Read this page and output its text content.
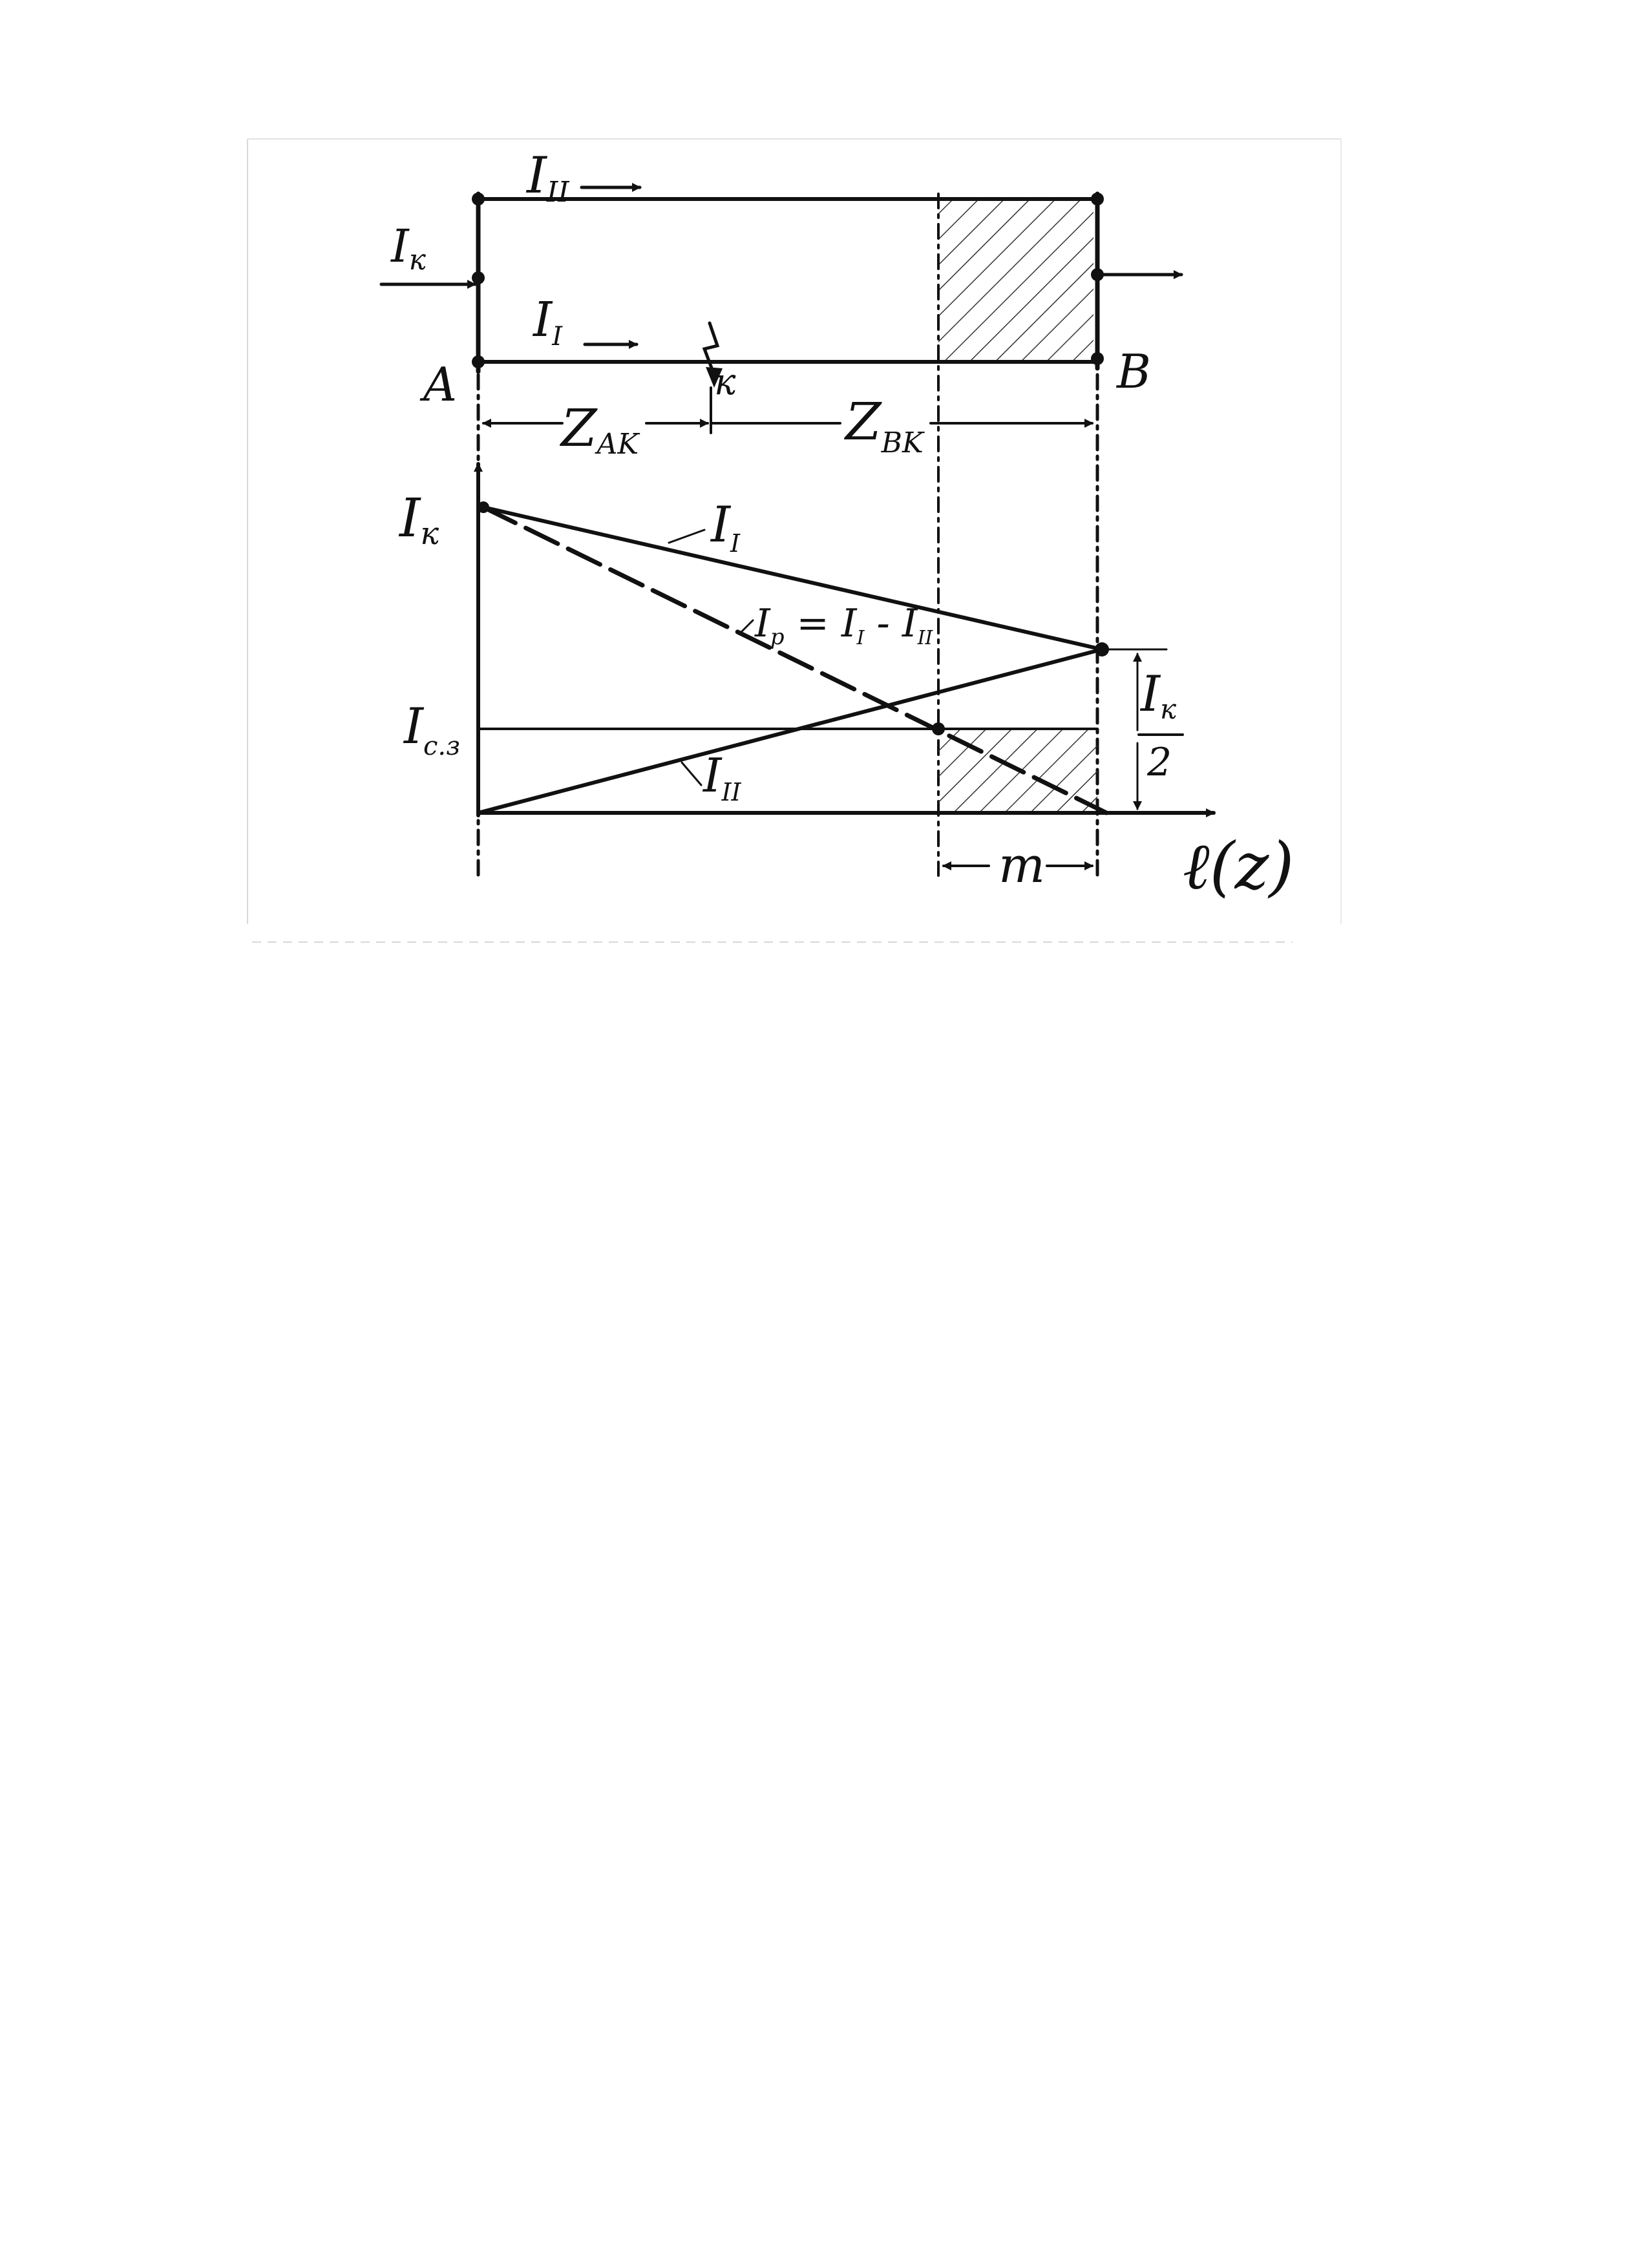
III
Iк
II
к
A	B
ZAK	$Z_{BK}$
Iк
$I_{с.з}$
$I_I$
$I_р = I_I - I_{II}$
III
Iк
2
m ℓ(z)
